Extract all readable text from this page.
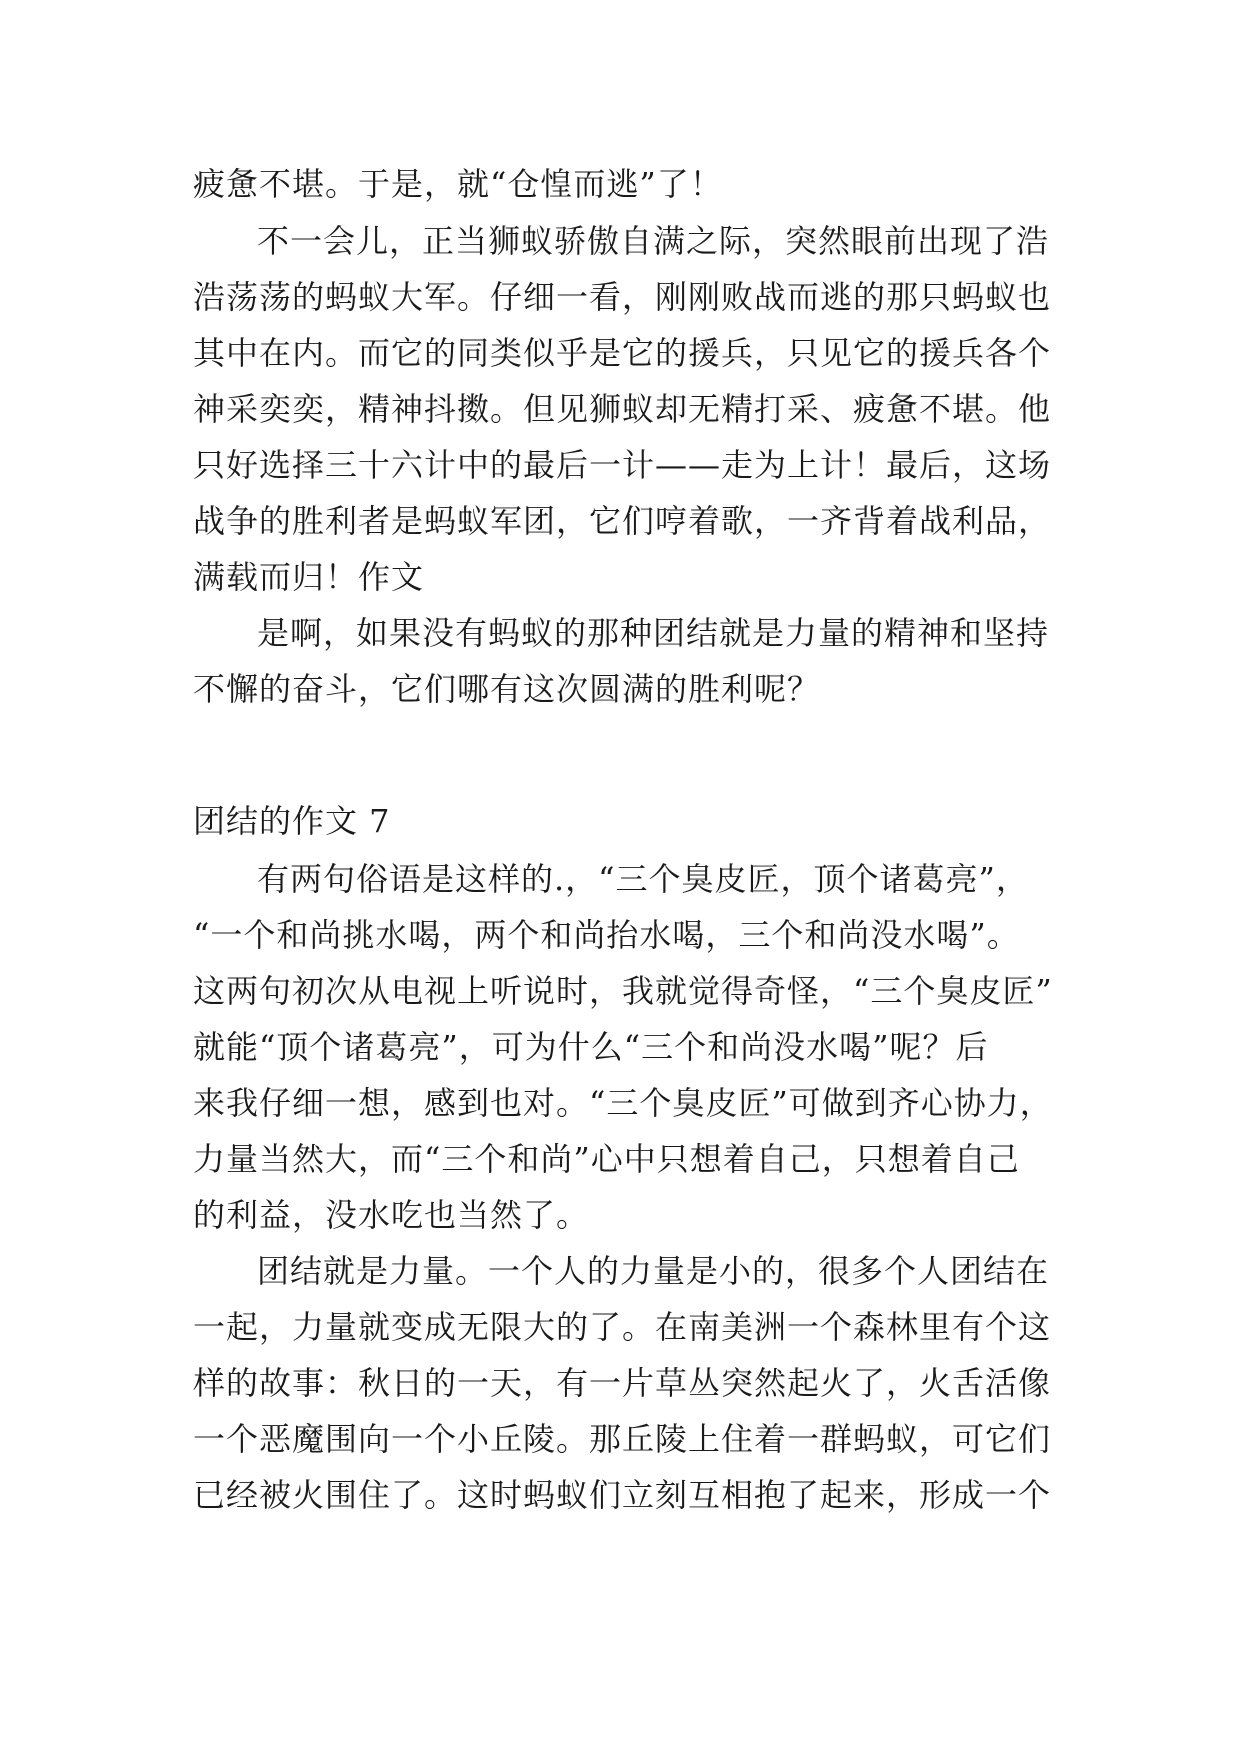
疲惫不堪。于是，就“仓惶而逃”了！
不一会儿，正当狮蚁骄傲自满之际，突然眼前出现了浩
浩荡荡的蚂蚁大军。仔细一看，刚刚败战而逃的那只蚂蚁也
其中在内。而它的同类似乎是它的援兵，只见它的援兵各个
神采奕奕，精神抖擞。但见狮蚁却无精打采、疲惫不堪。他
只好选择三十六计中的最后一计——走为上计！最后，这场
战争的胜利者是蚂蚁军团，它们哼着歌，一齐背着战利品，
满载而归！作文
是啊，如果没有蚂蚁的那种团结就是力量的精神和坚持
不懈的奋斗，它们哪有这次圆满的胜利呢？
团结的作文 7
有两句俗语是这样的.，“三个臭皮匠，顶个诸葛亮”，
“一个和尚挑水喝，两个和尚抬水喝，三个和尚没水喝”。
这两句初次从电视上听说时，我就觉得奇怪，“三个臭皮匠”
就能“顶个诸葛亮”，可为什么“三个和尚没水喝”呢？后
来我仔细一想，感到也对。“三个臭皮匠”可做到齐心协力，
力量当然大，而“三个和尚”心中只想着自己，只想着自己
的利益，没水吃也当然了。
团结就是力量。一个人的力量是小的，很多个人团结在
一起，力量就变成无限大的了。在南美洲一个森林里有个这
样的故事：秋日的一天，有一片草丛突然起火了，火舌活像
一个恶魔围向一个小丘陵。那丘陵上住着一群蚂蚁，可它们
已经被火围住了。这时蚂蚁们立刻互相抱了起来，形成一个
